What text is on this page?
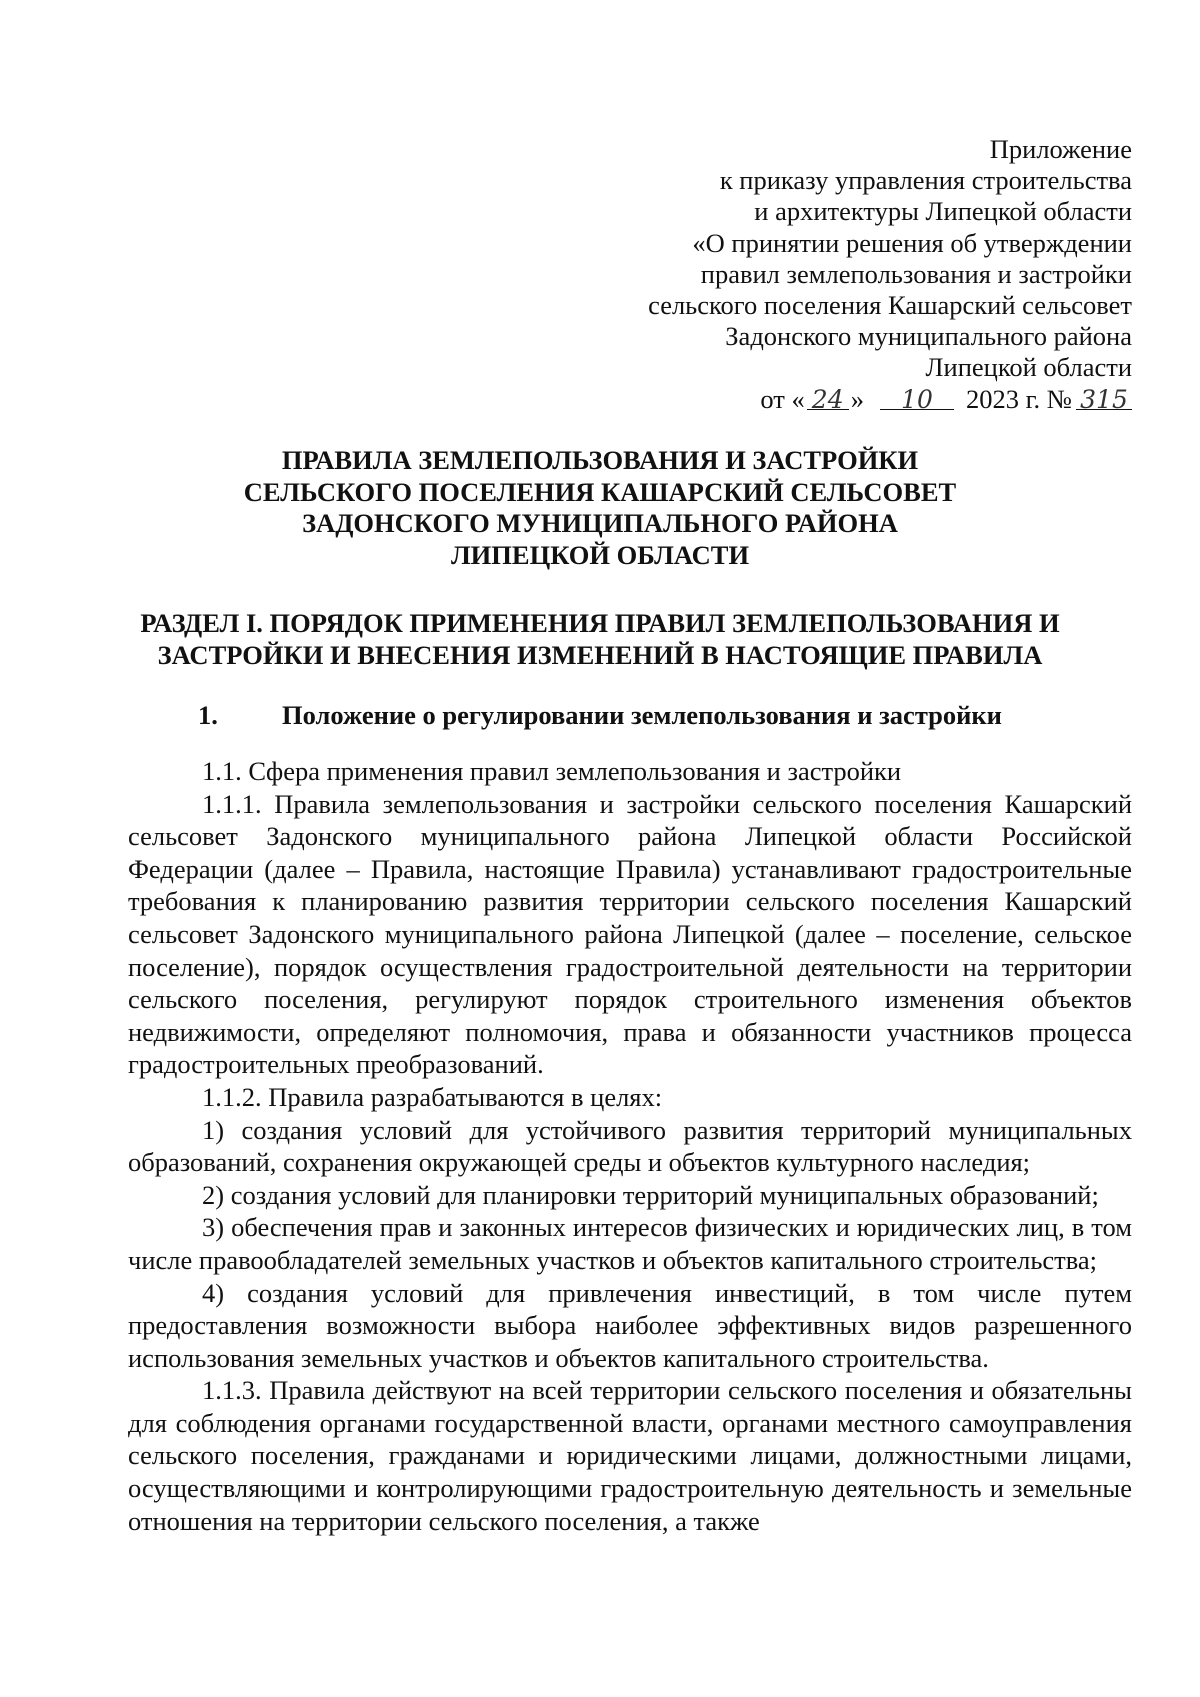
Приложение
к приказу управления строительства
и архитектуры Липецкой области
«О принятии решения об утверждении
правил землепользования и застройки
сельского поселения Кашарский сельсовет
Задонского муниципального района
Липецкой области
от « 24 » 10 2023 г. № 315
ПРАВИЛА ЗЕМЛЕПОЛЬЗОВАНИЯ И ЗАСТРОЙКИ
СЕЛЬСКОГО ПОСЕЛЕНИЯ КАШАРСКИЙ СЕЛЬСОВЕТ
ЗАДОНСКОГО МУНИЦИПАЛЬНОГО РАЙОНА
ЛИПЕЦКОЙ ОБЛАСТИ
РАЗДЕЛ I. ПОРЯДОК ПРИМЕНЕНИЯ ПРАВИЛ ЗЕМЛЕПОЛЬЗОВАНИЯ И
ЗАСТРОЙКИ И ВНЕСЕНИЯ ИЗМЕНЕНИЙ В НАСТОЯЩИЕ ПРАВИЛА
1. Положение о регулировании землепользования и застройки

1.1. Сфера применения правил землепользования и застройки

1.1.1. Правила землепользования и застройки сельского поселения Кашарский сельсовет Задонского муниципального района Липецкой области Российской Федерации (далее – Правила, настоящие Правила) устанавливают градостроительные требования к планированию развития территории сельского поселения Кашарский сельсовет Задонского муниципального района Липецкой (далее – поселение, сельское поселение), порядок осуществления градостроительной деятельности на территории сельского поселения, регулируют порядок строительного изменения объектов недвижимости, определяют полномочия, права и обязанности участников процесса градостроительных преобразований.

1.1.2. Правила разрабатываются в целях:

1) создания условий для устойчивого развития территорий муниципальных образований, сохранения окружающей среды и объектов культурного наследия;

2) создания условий для планировки территорий муниципальных образований;

3) обеспечения прав и законных интересов физических и юридических лиц, в том числе правообладателей земельных участков и объектов капитального строительства;

4) создания условий для привлечения инвестиций, в том числе путем предоставления возможности выбора наиболее эффективных видов разрешенного использования земельных участков и объектов капитального строительства.

1.1.3. Правила действуют на всей территории сельского поселения и обязательны для соблюдения органами государственной власти, органами местного самоуправления сельского поселения, гражданами и юридическими лицами, должностными лицами, осуществляющими и контролирующими градостроительную деятельность и земельные отношения на территории сельского поселения, а также
